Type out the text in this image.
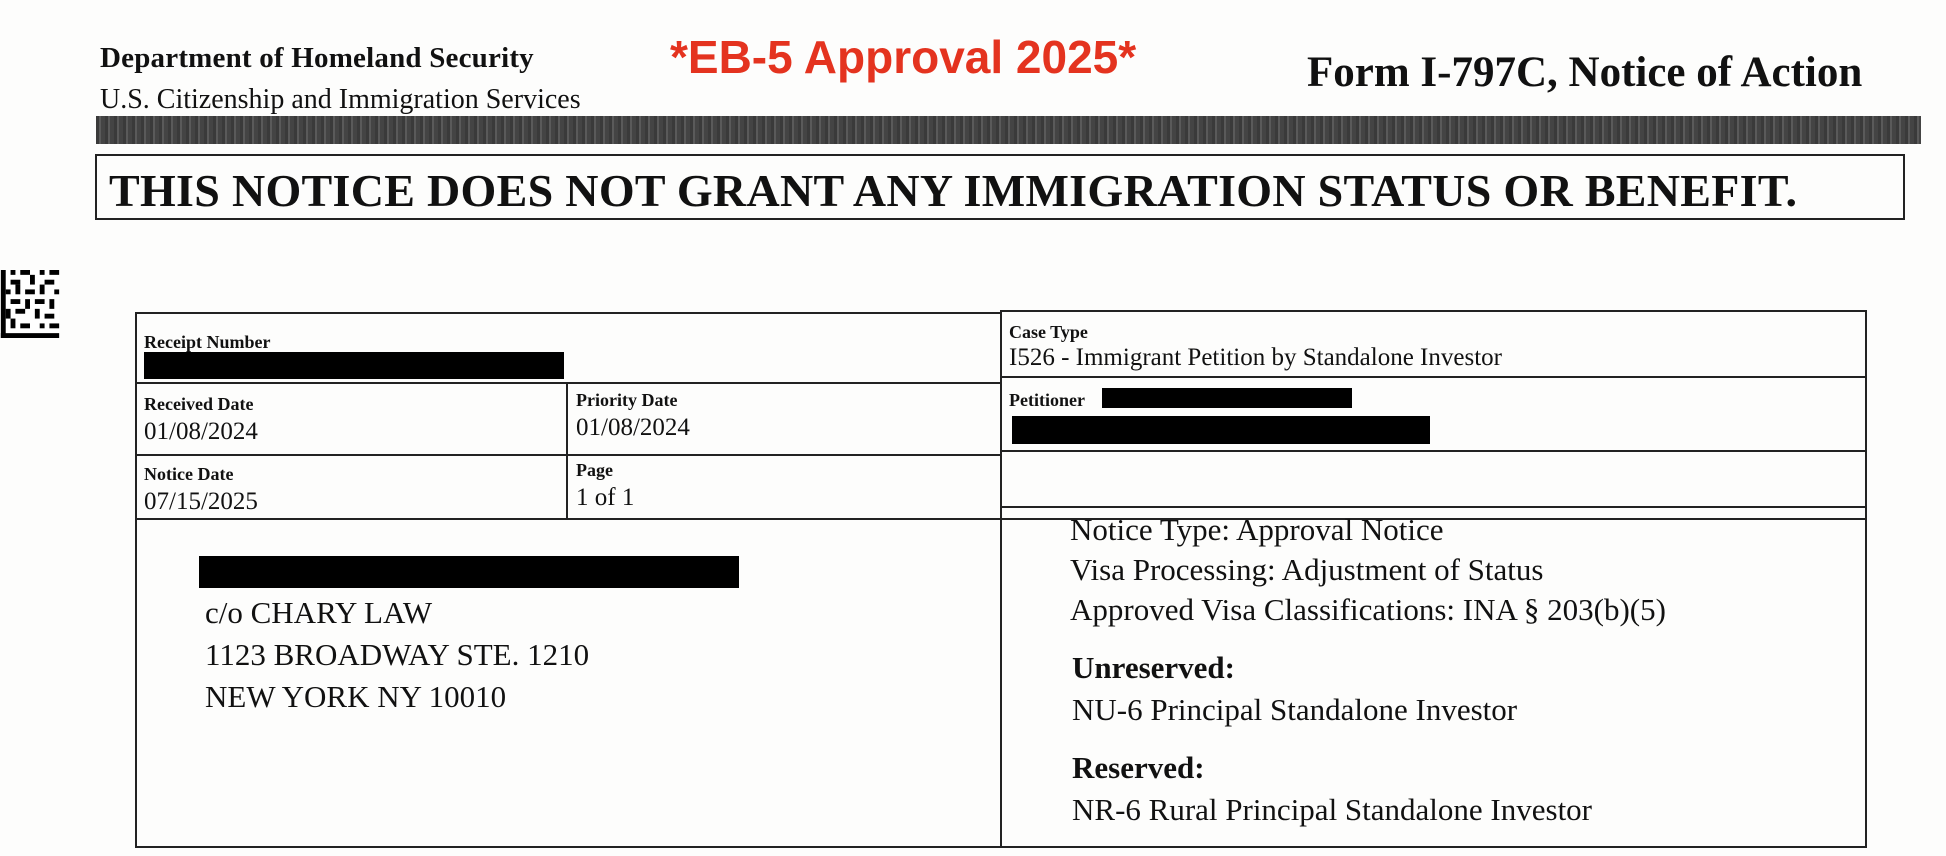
Department of Homeland Security
U.S. Citizenship and Immigration Services
*EB-5 Approval 2025*	Form I-797C, Notice of Action
THIS NOTICE DOES NOT GRANT ANY IMMIGRATION STATUS OR BENEFIT.
Receipt Number	Case Type
I526 - Immigrant Petition by Standalone Investor
Received Date
01/08/2024
Priority Date
01/08/2024
Petitioner
Notice Date
07/15/2025
Page
1 of 1
c/o CHARY LAW
1123 BROADWAY STE. 1210
NEW YORK NY 10010
Notice Type: Approval Notice
Visa Processing: Adjustment of Status
Approved Visa Classifications: INA § 203(b)(5)
Unreserved:
NU-6 Principal Standalone Investor
Reserved:
NR-6 Rural Principal Standalone Investor
